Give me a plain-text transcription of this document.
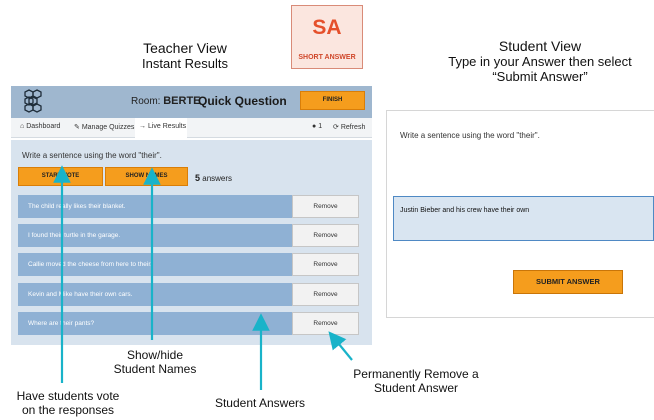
SA
SHORT ANSWER
Teacher View
Instant Results
Student View
Type in your Answer then select
“Submit Answer”
Room: BERTE
Quick Question	FINISH
⌂ Dashboard ✎ Manage Quizzes → Live Results	● 1 ⟳ Refresh
Write a sentence using the word "their".
START VOTE	SHOW NAMES	5 answers
The child really likes their blanket.	Remove
I found their turtle in the garage.	Remove
Callie moved the cheese from here to their.	Remove
Kevin and Mike have their own cars.	Remove
Where are their pants?	Remove
Write a sentence using the word "their".
Justin Bieber and his crew have their own
SUBMIT ANSWER
Show/hide
Student Names
Have students vote
on the responses	Student Answers
Permanently Remove a
Student Answer
